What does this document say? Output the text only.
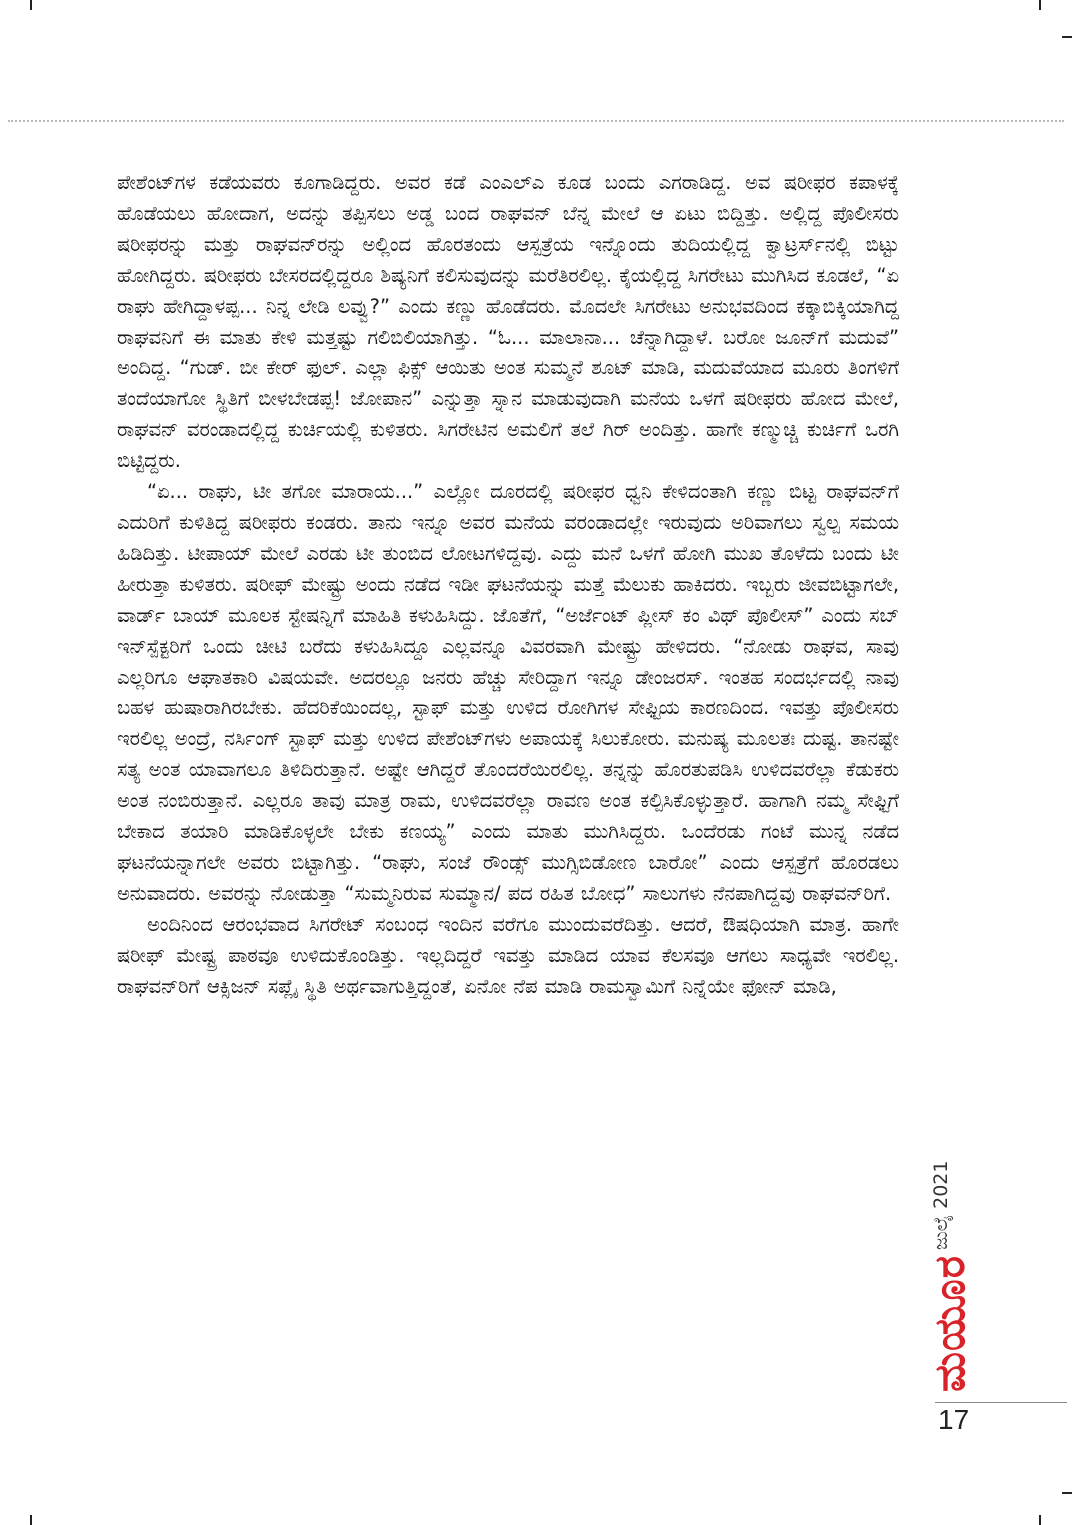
ಪೇಶೆಂಟ್‌ಗಳ ಕಡೆಯವರು ಕೂಗಾಡಿದ್ದರು. ಅವರ ಕಡೆ ಎಂಎಲ್‌ಎ ಕೂಡ ಬಂದು ಎಗರಾಡಿದ್ದ. ಅವ ಷರೀಫರ ಕಪಾಳಕ್ಕೆ ಹೊಡೆಯಲು ಹೋದಾಗ, ಅದನ್ನು ತಪ್ಪಿಸಲು ಅಡ್ಡ ಬಂದ ರಾಘವನ್ ಬೆನ್ನ ಮೇಲೆ ಆ ಏಟು ಬಿದ್ದಿತ್ತು. ಅಲ್ಲಿದ್ದ ಪೊಲೀಸರು ಷರೀಫರನ್ನು ಮತ್ತು ರಾಘವನ್‌ರನ್ನು ಅಲ್ಲಿಂದ ಹೊರತಂದು ಆಸ್ಪತ್ರೆಯ ಇನ್ನೊಂದು ತುದಿಯಲ್ಲಿದ್ದ ಕ್ವಾಟ್ರರ್ಸ್‌ನಲ್ಲಿ ಬಿಟ್ಟು ಹೋಗಿದ್ದರು. ಷರೀಫರು ಬೇಸರದಲ್ಲಿದ್ದರೂ ಶಿಷ್ಯನಿಗೆ ಕಲಿಸುವುದನ್ನು ಮರೆತಿರಲಿಲ್ಲ. ಕೈಯಲ್ಲಿದ್ದ ಸಿಗರೇಟು ಮುಗಿಸಿದ ಕೂಡಲೆ, “ಏ ರಾಘು ಹೇಗಿದ್ದಾಳಪ್ಪ... ನಿನ್ನ ಲೇಡಿ ಲವ್ವು?” ಎಂದು ಕಣ್ಣು ಹೊಡೆದರು. ಮೊದಲೇ ಸಿಗರೇಟು ಅನುಭವದಿಂದ ಕಕ್ಕಾಬಿಕ್ಕಿಯಾಗಿದ್ದ ರಾಘವನಿಗೆ ಈ ಮಾತು ಕೇಳಿ ಮತ್ತಷ್ಟು ಗಲಿಬಿಲಿಯಾಗಿತ್ತು. “ಓ... ಮಾಲಾನಾ... ಚೆನ್ನಾಗಿದ್ದಾಳೆ. ಬರೋ ಜೂನ್‌ಗೆ ಮದುವೆ” ಅಂದಿದ್ದ. “ಗುಡ್. ಬೀ ಕೇರ್ ಫುಲ್. ಎಲ್ಲಾ ಫಿಕ್ಸ್ ಆಯಿತು ಅಂತ ಸುಮ್ಮನೆ ಶೂಟ್ ಮಾಡಿ, ಮದುವೆಯಾದ ಮೂರು ತಿಂಗಳಿಗೆ ತಂದೆಯಾಗೋ ಸ್ಥಿತಿಗೆ ಬೀಳಬೇಡಪ್ಪ! ಜೋಪಾನ” ಎನ್ನುತ್ತಾ ಸ್ನಾನ ಮಾಡುವುದಾಗಿ ಮನೆಯ ಒಳಗೆ ಷರೀಫರು ಹೋದ ಮೇಲೆ, ರಾಘವನ್ ವರಂಡಾದಲ್ಲಿದ್ದ ಕುರ್ಚಿಯಲ್ಲಿ ಕುಳಿತರು. ಸಿಗರೇಟಿನ ಅಮಲಿಗೆ ತಲೆ ಗಿರ್ ಅಂದಿತ್ತು. ಹಾಗೇ ಕಣ್ಮುಚ್ಚಿ ಕುರ್ಚಿಗೆ ಒರಗಿ ಬಿಟ್ಟಿದ್ದರು.

“ಏ... ರಾಘು, ಟೀ ತಗೋ ಮಾರಾಯ...” ಎಲ್ಲೋ ದೂರದಲ್ಲಿ ಷರೀಫರ ಧ್ವನಿ ಕೇಳಿದಂತಾಗಿ ಕಣ್ಣು ಬಿಟ್ಟ ರಾಘವನ್‌ಗೆ ಎದುರಿಗೆ ಕುಳಿತಿದ್ದ ಷರೀಫರು ಕಂಡರು. ತಾನು ಇನ್ನೂ ಅವರ ಮನೆಯ ವರಂಡಾದಲ್ಲೇ ಇರುವುದು ಅರಿವಾಗಲು ಸ್ವಲ್ಪ ಸಮಯ ಹಿಡಿದಿತ್ತು. ಟೀಪಾಯ್ ಮೇಲೆ ಎರಡು ಟೀ ತುಂಬಿದ ಲೋಟಗಳಿದ್ದವು. ಎದ್ದು ಮನೆ ಒಳಗೆ ಹೋಗಿ ಮುಖ ತೊಳೆದು ಬಂದು ಟೀ ಹೀರುತ್ತಾ ಕುಳಿತರು. ಷರೀಫ್ ಮೇಷ್ಟ್ರು ಅಂದು ನಡೆದ ಇಡೀ ಘಟನೆಯನ್ನು ಮತ್ತೆ ಮೆಲುಕು ಹಾಕಿದರು. ಇಬ್ಬರು ಜೀವಬಿಟ್ಟಾಗಲೇ, ವಾರ್ಡ್ ಬಾಯ್ ಮೂಲಕ ಸ್ಟೇಷನ್ನಿಗೆ ಮಾಹಿತಿ ಕಳುಹಿಸಿದ್ದು. ಜೊತೆಗೆ, “ಅರ್ಜೆಂಟ್ ಪ್ಲೀಸ್ ಕಂ ವಿಥ್ ಪೊಲೀಸ್” ಎಂದು ಸಬ್ ಇನ್‌ಸ್ಪೆಕ್ಟರಿಗೆ ಒಂದು ಚೀಟಿ ಬರೆದು ಕಳುಹಿಸಿದ್ದೂ ಎಲ್ಲವನ್ನೂ ವಿವರವಾಗಿ ಮೇಷ್ಟ್ರು ಹೇಳಿದರು. “ನೋಡು ರಾಘವ, ಸಾವು ಎಲ್ಲರಿಗೂ ಆಘಾತಕಾರಿ ವಿಷಯವೇ. ಅದರಲ್ಲೂ ಜನರು ಹೆಚ್ಚು ಸೇರಿದ್ದಾಗ ಇನ್ನೂ ಡೇಂಜರಸ್. ಇಂತಹ ಸಂದರ್ಭದಲ್ಲಿ ನಾವು ಬಹಳ ಹುಷಾರಾಗಿರಬೇಕು. ಹೆದರಿಕೆಯಿಂದಲ್ಲ, ಸ್ಟಾಫ್ ಮತ್ತು ಉಳಿದ ರೋಗಿಗಳ ಸೇಫ್ಟಿಯ ಕಾರಣದಿಂದ. ಇವತ್ತು ಪೊಲೀಸರು ಇರಲಿಲ್ಲ ಅಂದ್ರೆ, ನರ್ಸಿಂಗ್ ಸ್ಟಾಫ್ ಮತ್ತು ಉಳಿದ ಪೇಶೆಂಟ್‌ಗಳು ಅಪಾಯಕ್ಕೆ ಸಿಲುಕೋರು. ಮನುಷ್ಯ ಮೂಲತಃ ದುಷ್ಟ. ತಾನಷ್ಟೇ ಸತ್ಯ ಅಂತ ಯಾವಾಗಲೂ ತಿಳಿದಿರುತ್ತಾನೆ. ಅಷ್ಟೇ ಆಗಿದ್ದರೆ ತೊಂದರೆಯಿರಲಿಲ್ಲ. ತನ್ನನ್ನು ಹೊರತುಪಡಿಸಿ ಉಳಿದವರೆಲ್ಲಾ ಕೆಡುಕರು ಅಂತ ನಂಬಿರುತ್ತಾನೆ. ಎಲ್ಲರೂ ತಾವು ಮಾತ್ರ ರಾಮ, ಉಳಿದವರೆಲ್ಲಾ ರಾವಣ ಅಂತ ಕಲ್ಪಿಸಿಕೊಳ್ಳುತ್ತಾರೆ. ಹಾಗಾಗಿ ನಮ್ಮ ಸೇಫ್ಟಿಗೆ ಬೇಕಾದ ತಯಾರಿ ಮಾಡಿಕೊಳ್ಳಲೇ ಬೇಕು ಕಣಯ್ಯ” ಎಂದು ಮಾತು ಮುಗಿಸಿದ್ದರು. ಒಂದೆರಡು ಗಂಟೆ ಮುನ್ನ ನಡೆದ ಘಟನೆಯನ್ನಾಗಲೇ ಅವರು ಬಿಟ್ಟಾಗಿತ್ತು. “ರಾಘು, ಸಂಜೆ ರೌಂಡ್ಸ್ ಮುಗ್ಸಿಬಿಡೋಣ ಬಾರೋ” ಎಂದು ಆಸ್ಪತ್ರೆಗೆ ಹೊರಡಲು ಅನುವಾದರು. ಅವರನ್ನು ನೋಡುತ್ತಾ “ಸುಮ್ಮನಿರುವ ಸುಮ್ಮಾನ/ ಪದ ರಹಿತ ಬೋಧ” ಸಾಲುಗಳು ನೆನಪಾಗಿದ್ದವು ರಾಘವನ್‌ರಿಗೆ.

ಅಂದಿನಿಂದ ಆರಂಭವಾದ ಸಿಗರೇಟ್ ಸಂಬಂಧ ಇಂದಿನ ವರೆಗೂ ಮುಂದುವರೆದಿತ್ತು. ಆದರೆ, ಔಷಧಿಯಾಗಿ ಮಾತ್ರ. ಹಾಗೇ ಷರೀಫ್ ಮೇಷ್ಟ್ರ ಪಾಠವೂ ಉಳಿದುಕೊಂಡಿತ್ತು. ಇಲ್ಲದಿದ್ದರೆ ಇವತ್ತು ಮಾಡಿದ ಯಾವ ಕೆಲಸವೂ ಆಗಲು ಸಾಧ್ಯವೇ ಇರಲಿಲ್ಲ. ರಾಘವನ್‌ರಿಗೆ ಆಕ್ಸಿಜನ್ ಸಪ್ಲೈ ಸ್ಥಿತಿ ಅರ್ಥವಾಗುತ್ತಿದ್ದಂತೆ, ಏನೋ ನೆಪ ಮಾಡಿ ರಾಮಸ್ವಾಮಿಗೆ ನಿನ್ನೆಯೇ ಫೋನ್ ಮಾಡಿ,

ಜುಲೈ 2021
ಮಯೂರ
17
